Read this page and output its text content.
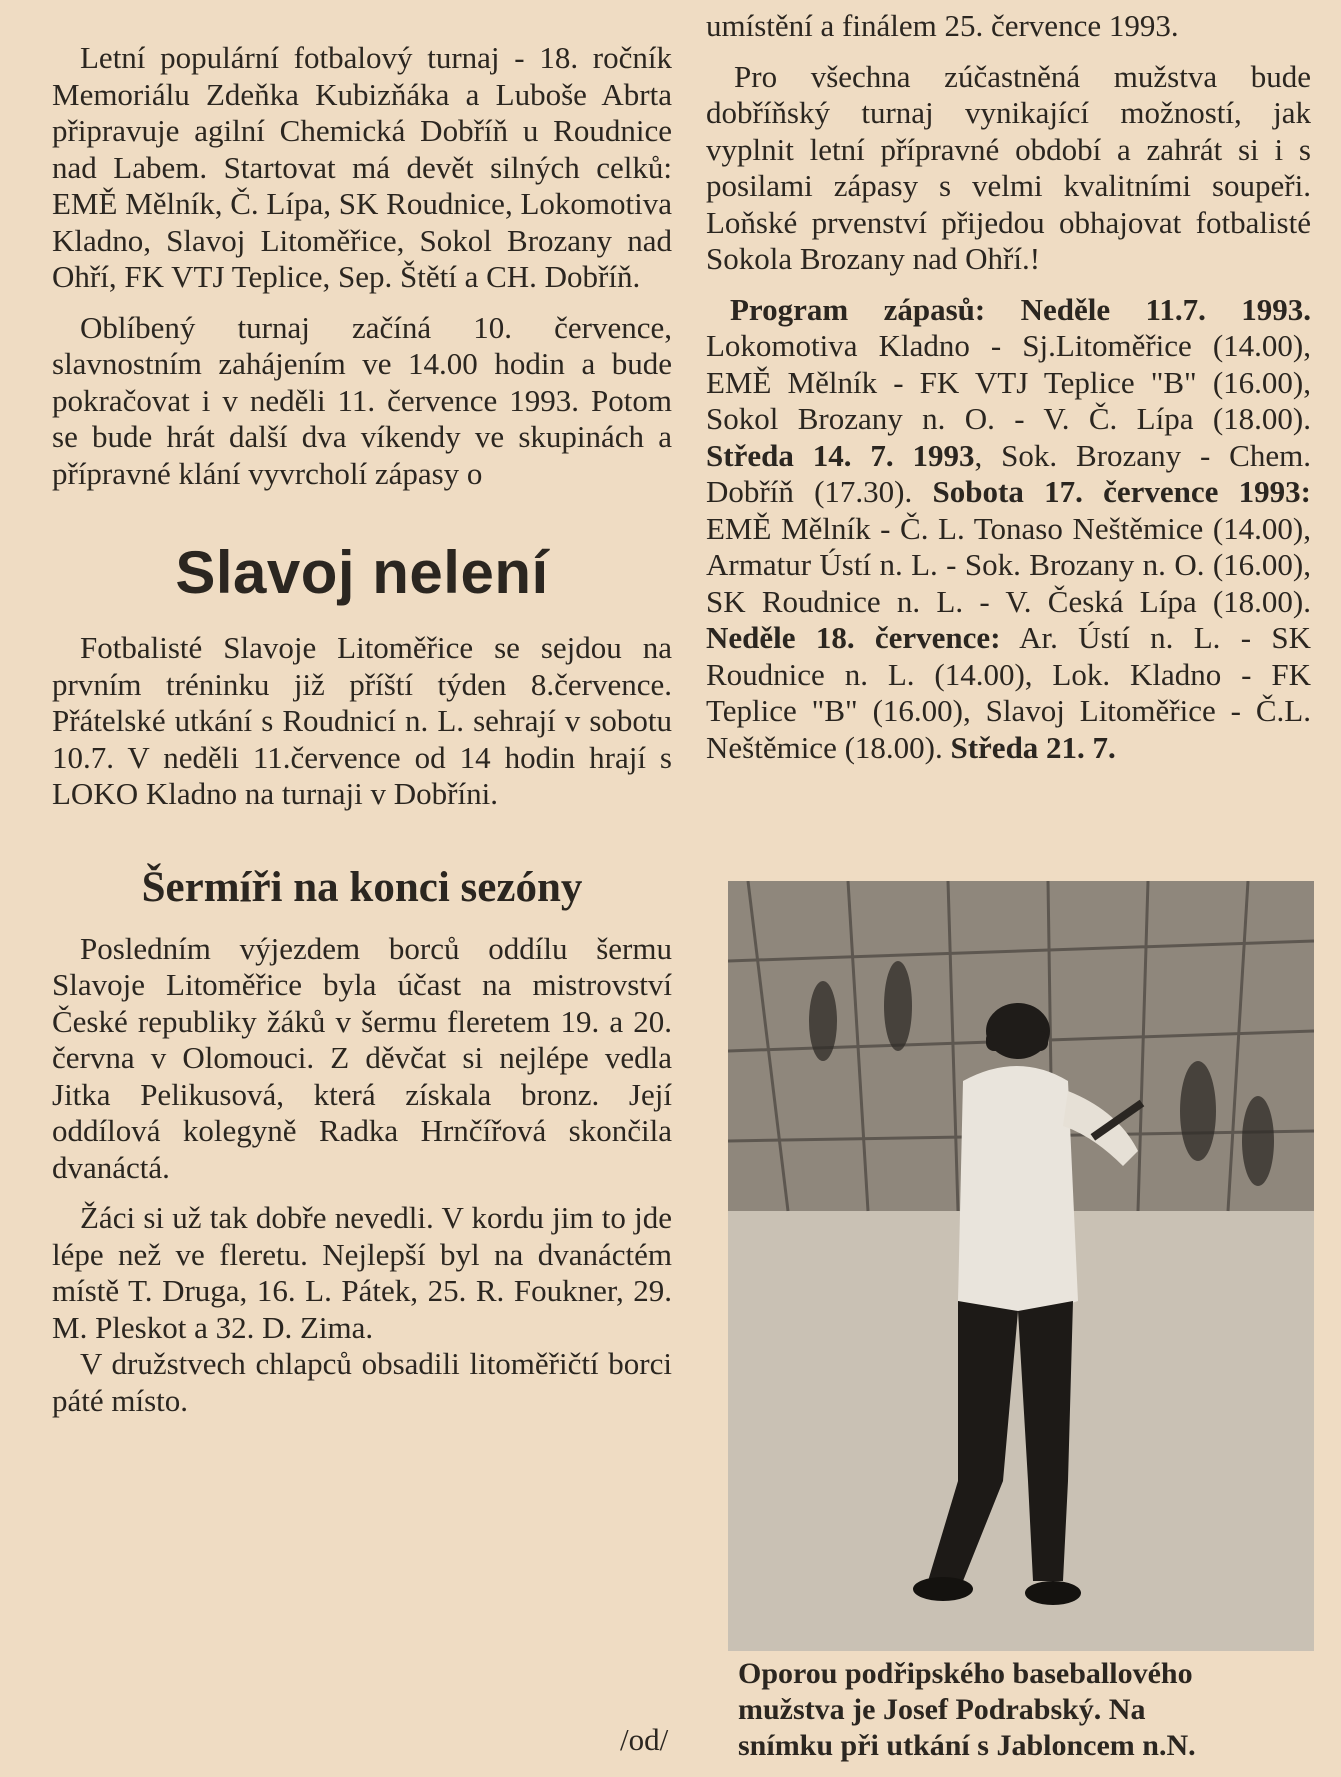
Letní populární fotbalový turnaj - 18. ročník Memoriálu Zdeňka Kubizňáka a Luboše Abrta připravuje agilní Chemická Dobříň u Roudnice nad Labem. Startovat má devět silných celků: EMĚ Mělník, Č. Lípa, SK Roudnice, Lokomotiva Kladno, Slavoj Litoměřice, Sokol Brozany nad Ohří, FK VTJ Teplice, Sep. Štětí a CH. Dobříň.

Oblíbený turnaj začíná 10. července, slavnostním zahájením ve 14.00 hodin a bude pokračovat i v neděli 11. července 1993. Potom se bude hrát další dva víkendy ve skupinách a přípravné klání vyvrcholí zápasy o

Slavoj nelení

Fotbalisté Slavoje Litoměřice se sejdou na prvním tréninku již příští týden 8.července. Přátelské utkání s Roudnicí n. L. sehrají v sobotu 10.7. V neděli 11.července od 14 hodin hrají s LOKO Kladno na turnaji v Dobříni.

Šermíři na konci sezóny

Posledním výjezdem borců oddílu šermu Slavoje Litoměřice byla účast na mistrovství České republiky žáků v šermu fleretem 19. a 20. června v Olomouci. Z děvčat si nejlépe vedla Jitka Pelikusová, která získala bronz. Její oddílová kolegyně Radka Hrnčířová skončila dvanáctá.

Žáci si už tak dobře nevedli. V kordu jim to jde lépe než ve fleretu. Nejlepší byl na dvanáctém místě T. Druga, 16. L. Pátek, 25. R. Foukner, 29. M. Pleskot a 32. D. Zima.

V družstvech chlapců obsadili litoměřičtí borci páté místo.

/od/

umístění a finálem 25. července 1993.

Pro všechna zúčastněná mužstva bude dobříňský turnaj vynikající možností, jak vyplnit letní přípravné období a zahrát si i s posilami zápasy s velmi kvalitními soupeři. Loňské prvenství přijedou obhajovat fotbalisté Sokola Brozany nad Ohří.!

Program zápasů: Neděle 11.7. 1993. Lokomotiva Kladno - Sj.Litoměřice (14.00), EMĚ Mělník - FK VTJ Teplice "B" (16.00), Sokol Brozany n. O. - V. Č. Lípa (18.00). Středa 14. 7. 1993, Sok. Brozany - Chem. Dobříň (17.30). Sobota 17. července 1993: EMĚ Mělník - Č. L. Tonaso Neštěmice (14.00), Armatur Ústí n. L. - Sok. Brozany n. O. (16.00), SK Roudnice n. L. - V. Česká Lípa (18.00). Neděle 18. července: Ar. Ústí n. L. - SK Roudnice n. L. (14.00), Lok. Kladno - FK Teplice "B" (16.00), Slavoj Litoměřice - Č.L. Neštěmice (18.00). Středa 21. 7.

Oporou podřipského baseballového
mužstva je Josef Podrabský. Na
snímku při utkání s Jabloncem n.N.
